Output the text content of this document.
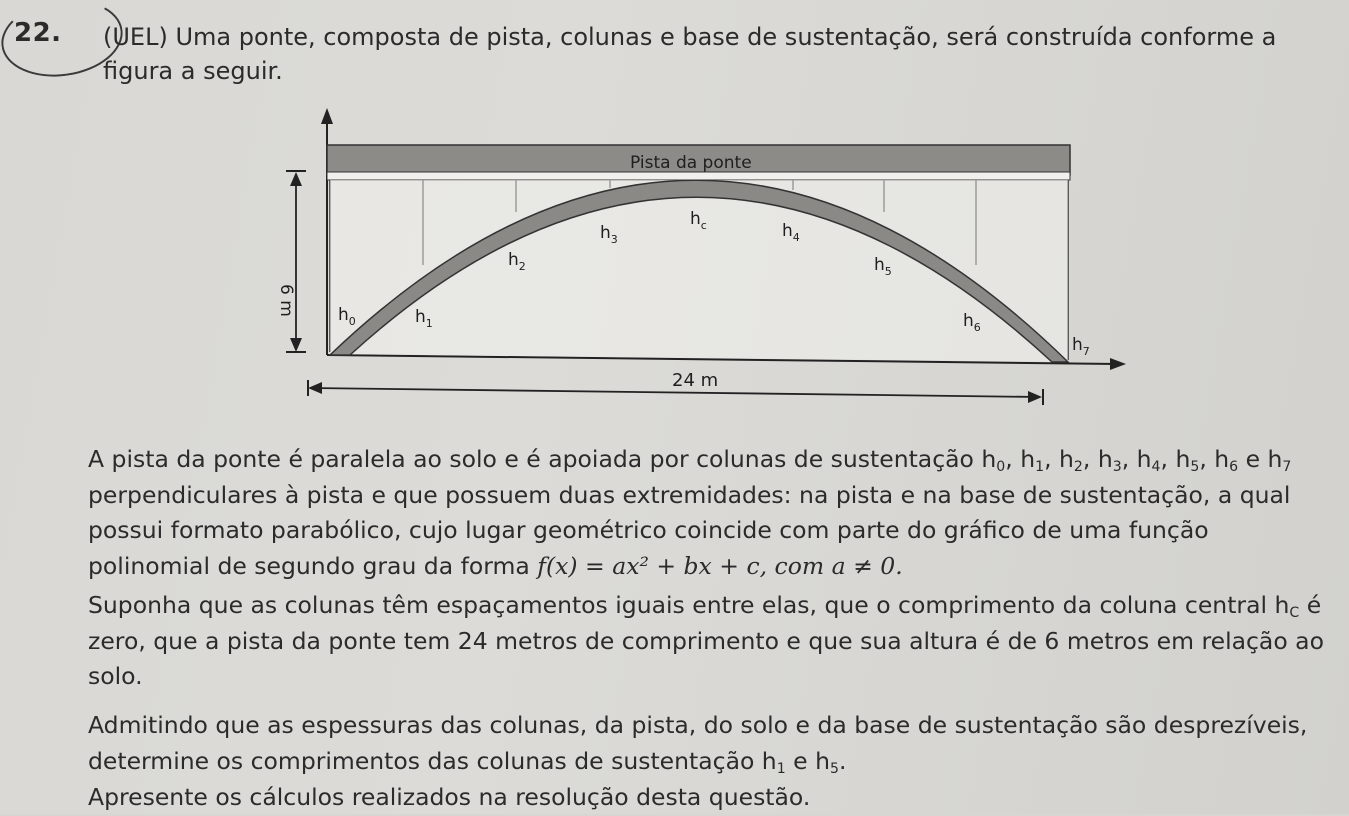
22. (UEL) Uma ponte, composta de pista, colunas e base de sustentação, será construída conforme a figura a seguir.

Pista da ponte
$h_3$
$h_c$	$h_4$
$h_2$	$h_5$
$h_0$	$h_1$	$h_6$
$h_7$
6 m
24 m

A pista da ponte é paralela ao solo e é apoiada por colunas de sustentação $h_0$, $h_1$, $h_2$, $h_3$, $h_4$, $h_5$, $h_6$ e $h_7$ perpendiculares à pista e que possuem duas extremidades: na pista e na base de sustentação, a qual possui formato parabólico, cujo lugar geométrico coincide com parte do gráfico de uma função polinomial de segundo grau da forma f(x) = ax² + bx + c, com a ≠ 0.

Suponha que as colunas têm espaçamentos iguais entre elas, que o comprimento da coluna central $h_C$ é zero, que a pista da ponte tem 24 metros de comprimento e que sua altura é de 6 metros em relação ao solo.

Admitindo que as espessuras das colunas, da pista, do solo e da base de sustentação são desprezíveis, determine os comprimentos das colunas de sustentação $h_1$ e $h_5$.

Apresente os cálculos realizados na resolução desta questão.
